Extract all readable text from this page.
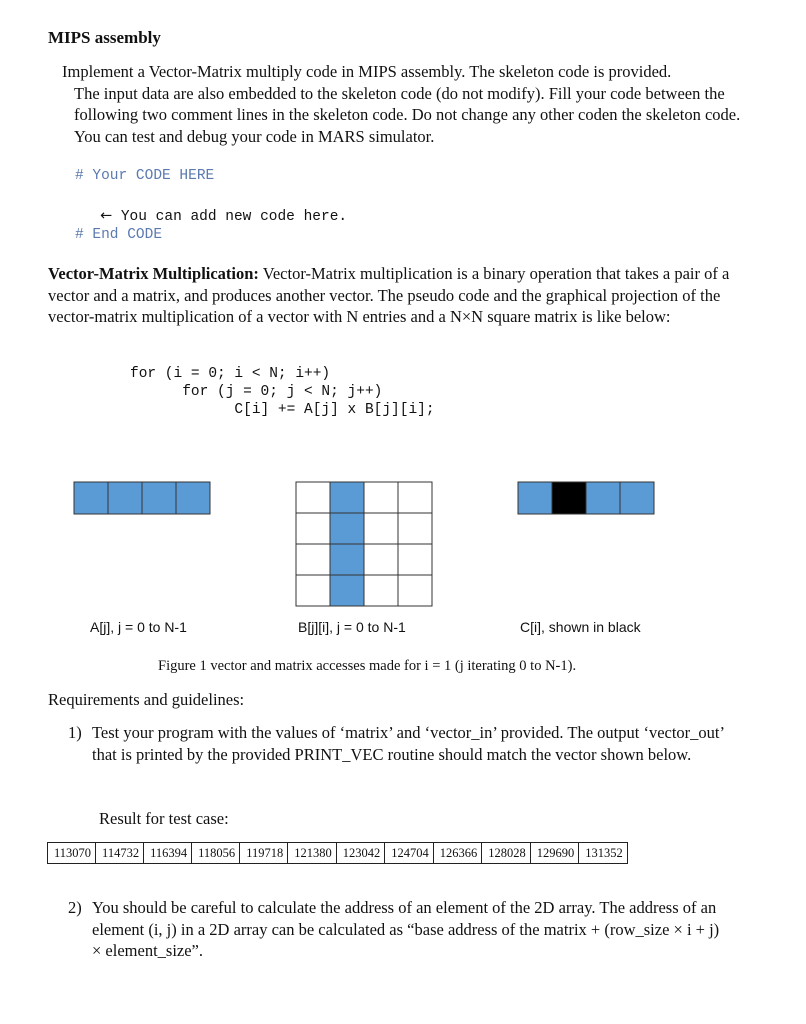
MIPS assembly
Implement a Vector-Matrix multiply code in MIPS assembly. The skeleton code is provided.
The input data are also embedded to the skeleton code (do not modify). Fill your code between the following two comment lines in the skeleton code. Do not change any other coden the skeleton code. You can test and debug your code in MARS simulator.
# Your CODE HERE
← You can add new code here.
# End CODE
Vector-Matrix Multiplication: Vector-Matrix multiplication is a binary operation that takes a pair of a vector and a matrix, and produces another vector. The pseudo code and the graphical projection of the vector-matrix multiplication of a vector with N entries and a N×N square matrix is like below:
for (i = 0; i < N; i++)
for (j = 0; j < N; j++)
C[i] += A[j] x B[j][i];
A[j], j = 0 to N-1	B[j][i], j = 0 to N-1	C[i], shown in black
Figure 1 vector and matrix accesses made for i = 1 (j iterating 0 to N-1).
Requirements and guidelines:
1) Test your program with the values of ‘matrix’ and ‘vector_in’ provided. The output ‘vector_out’ that is printed by the provided PRINT_VEC routine should match the vector shown below.
Result for test case:
113070	114732	116394	118056	119718	121380	123042	124704	126366	128028	129690	131352
2) You should be careful to calculate the address of an element of the 2D array. The address of an element (i, j) in a 2D array can be calculated as “base address of the matrix + (row_size × i + j) × element_size”.
